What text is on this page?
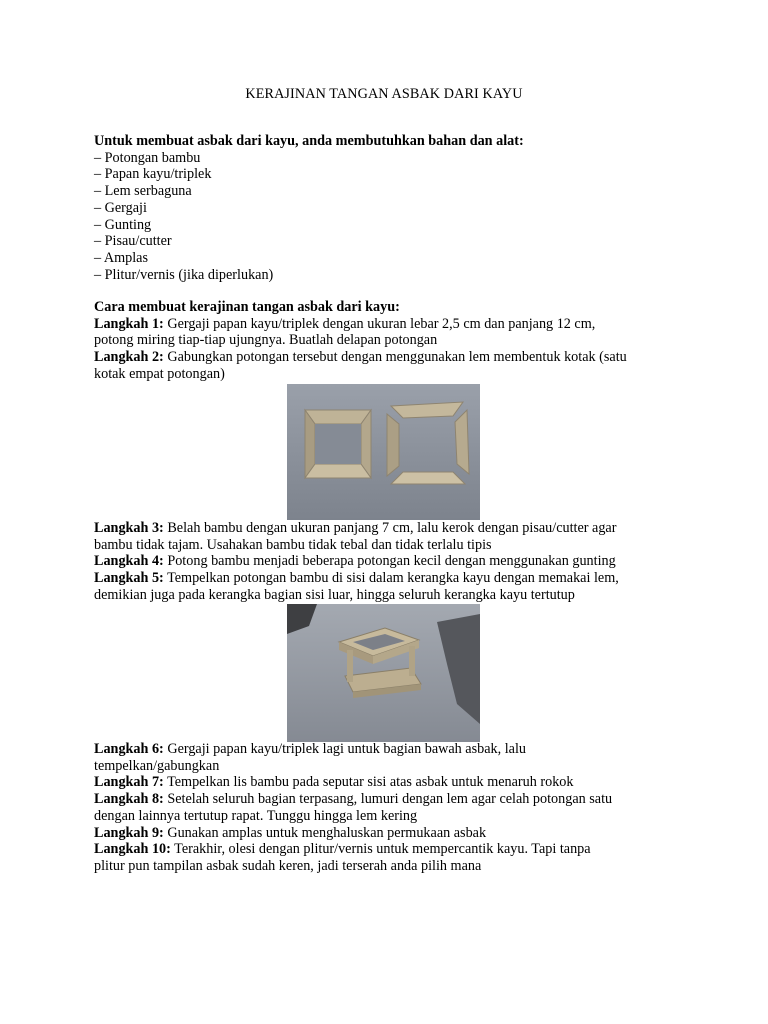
KERAJINAN TANGAN ASBAK DARI KAYU

Untuk membuat asbak dari kayu, anda membutuhkan bahan dan alat:

– Potongan bambu

– Papan kayu/triplek

– Lem serbaguna

– Gergaji

– Gunting

– Pisau/cutter

– Amplas

– Plitur/vernis (jika diperlukan)

Cara membuat kerajinan tangan asbak dari kayu:

Langkah 1: Gergaji papan kayu/triplek dengan ukuran lebar 2,5 cm dan panjang 12 cm,

potong miring tiap-tiap ujungnya. Buatlah delapan potongan

Langkah 2: Gabungkan potongan tersebut dengan menggunakan lem membentuk kotak (satu

kotak empat potongan)

Langkah 3: Belah bambu dengan ukuran panjang 7 cm, lalu kerok dengan pisau/cutter agar

bambu tidak tajam. Usahakan bambu tidak tebal dan tidak terlalu tipis

Langkah 4: Potong bambu menjadi beberapa potongan kecil dengan menggunakan gunting

Langkah 5: Tempelkan potongan bambu di sisi dalam kerangka kayu dengan memakai lem,

demikian juga pada kerangka bagian sisi luar, hingga seluruh kerangka kayu tertutup

Langkah 6: Gergaji papan kayu/triplek lagi untuk bagian bawah asbak, lalu

tempelkan/gabungkan

Langkah 7: Tempelkan lis bambu pada seputar sisi atas asbak untuk menaruh rokok

Langkah 8: Setelah seluruh bagian terpasang, lumuri dengan lem agar celah potongan satu

dengan lainnya tertutup rapat. Tunggu hingga lem kering

Langkah 9: Gunakan amplas untuk menghaluskan permukaan asbak

Langkah 10: Terakhir, olesi dengan plitur/vernis untuk mempercantik kayu. Tapi tanpa

plitur pun tampilan asbak sudah keren, jadi terserah anda pilih mana
